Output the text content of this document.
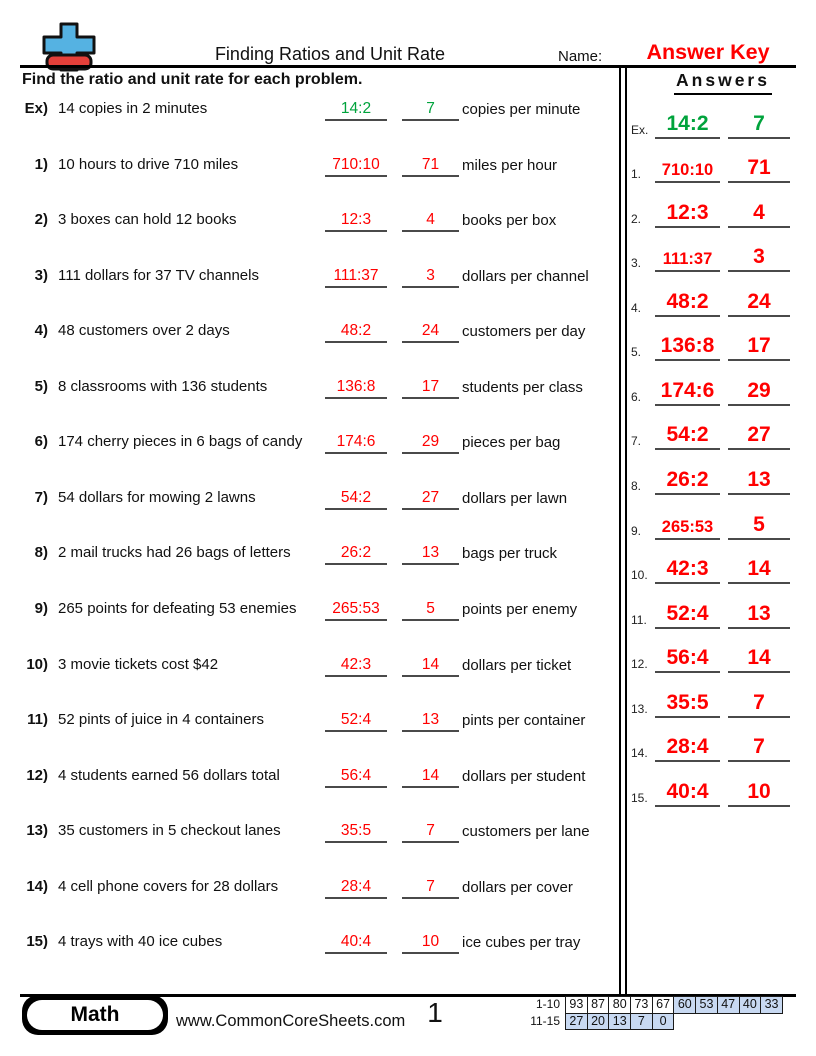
Finding Ratios and Unit Rate	Name:	Answer Key
Find the ratio and unit rate for each problem.
Ex) 14 copies in 2 minutes	14:2	7	copies per minute
1) 10 hours to drive 710 miles	710:10	71	miles per hour
2) 3 boxes can hold 12 books	12:3	4	books per box
3) 111 dollars for 37 TV channels	111:37	3	dollars per channel
4) 48 customers over 2 days	48:2	24	customers per day
5) 8 classrooms with 136 students	136:8	17	students per class
6) 174 cherry pieces in 6 bags of candy	174:6	29	pieces per bag
7) 54 dollars for mowing 2 lawns	54:2	27	dollars per lawn
8) 2 mail trucks had 26 bags of letters	26:2	13	bags per truck
9) 265 points for defeating 53 enemies	265:53	5	points per enemy
10) 3 movie tickets cost $42	42:3	14	dollars per ticket
11) 52 pints of juice in 4 containers	52:4	13	pints per container
12) 4 students earned 56 dollars total	56:4	14	dollars per student
13) 35 customers in 5 checkout lanes	35:5	7	customers per lane
14) 4 cell phone covers for 28 dollars	28:4	7	dollars per cover
15) 4 trays with 40 ice cubes	40:4	10	ice cubes per tray
Answers
Ex. 14:2	7
1.	710:10	71
2.	12:3	4
3.	111:37	3
4.	48:2	24
5. 136:8	17
6. 174:6	29
7.	54:2	27
8.	26:2	13
9.	265:53	5
10. 42:3	14
11. 52:4	13
12. 56:4	14
13. 35:5	7
14. 28:4	7
15. 40:4	10
Math	www.CommonCoreSheets.com 1	1-10 93 87 80 73 67 60 53 47 40 33
11-15 27 20 13 7	0
